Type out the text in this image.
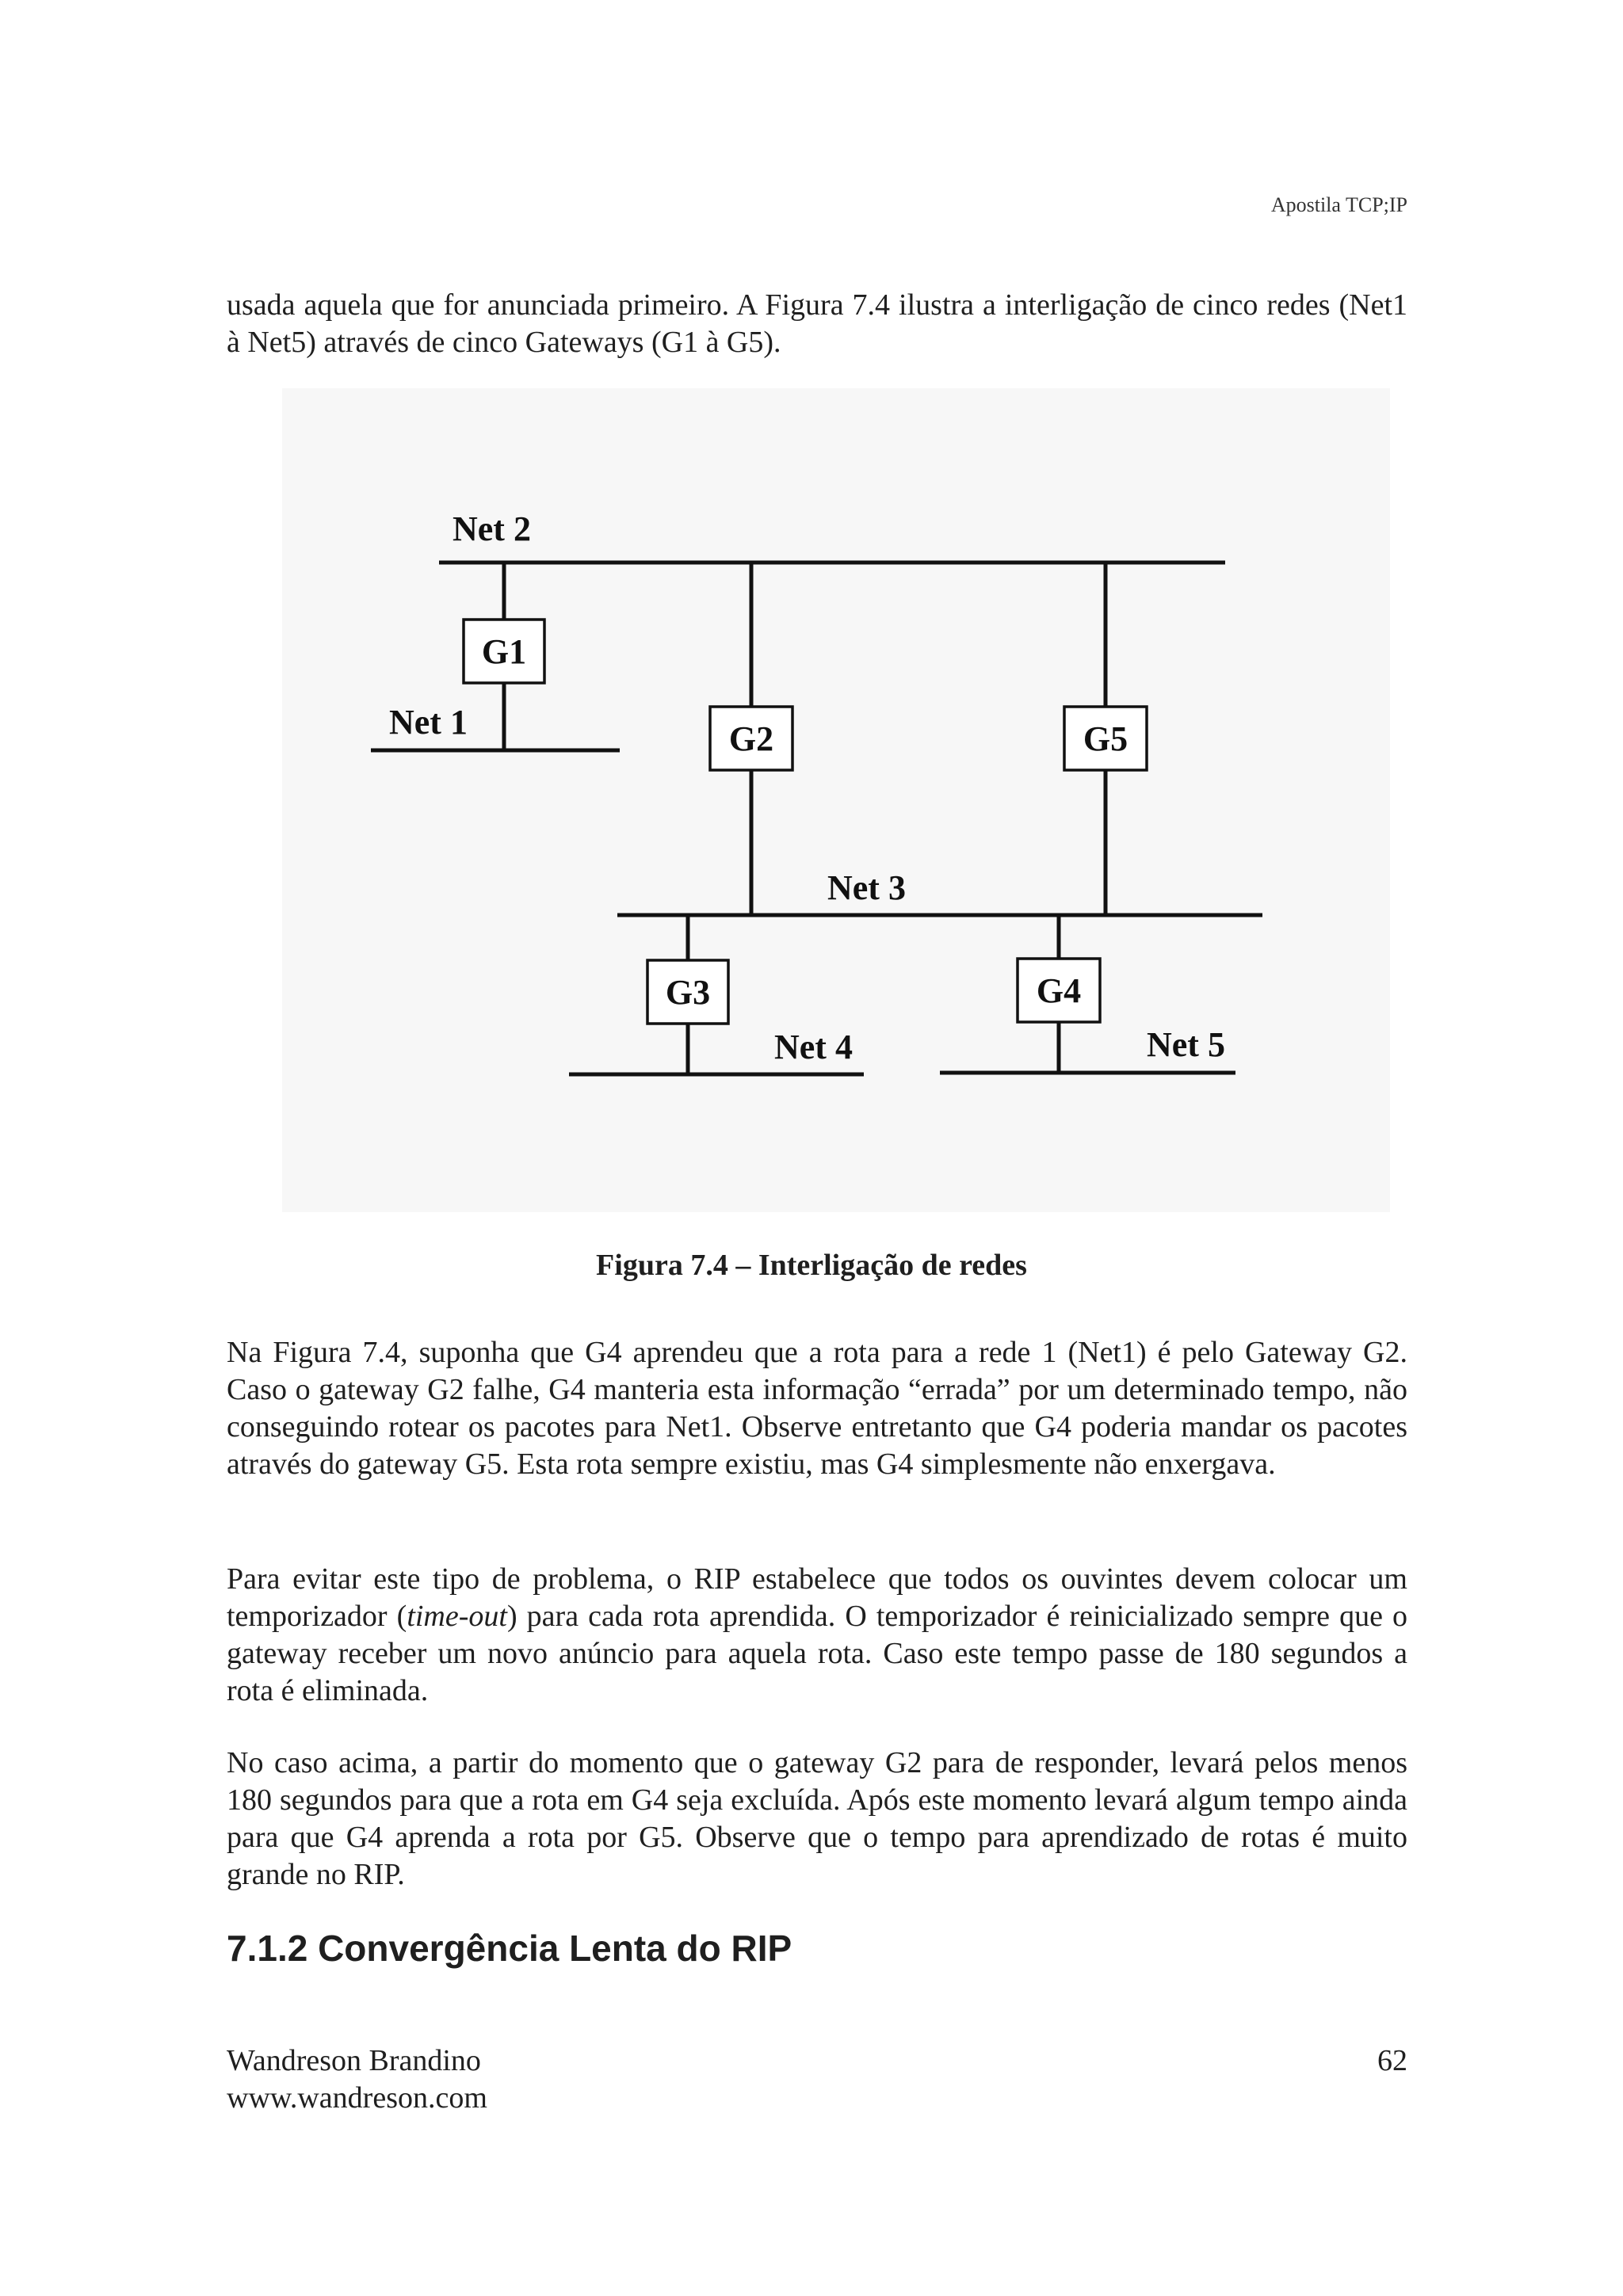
Apostila TCP;IP

usada aquela que for anunciada primeiro. A Figura 7.4 ilustra a interligação de cinco redes (Net1 à Net5) através de cinco Gateways (G1 à G5).

Net 2
Net 1
Net 3
Net 4	Net 5
G1
G2	G5
G3	G4
Figura 7.4 – Interligação de redes

Na Figura 7.4, suponha que G4 aprendeu que a rota para a rede 1 (Net1) é pelo Gateway G2. Caso o gateway G2 falhe, G4 manteria esta informação “errada” por um determinado tempo, não conseguindo rotear os pacotes para Net1. Observe entretanto que G4 poderia mandar os pacotes através do gateway G5. Esta rota sempre existiu, mas G4 simplesmente não enxergava.

Para evitar este tipo de problema, o RIP estabelece que todos os ouvintes devem colocar um temporizador (time-out) para cada rota aprendida. O temporizador é reinicializado sempre que o gateway receber um novo anúncio para aquela rota. Caso este tempo passe de 180 segundos a rota é eliminada.

No caso acima, a partir do momento que o gateway G2 para de responder, levará pelos menos 180 segundos para que a rota em G4 seja excluída. Após este momento levará algum tempo ainda para que G4 aprenda a rota por G5. Observe que o tempo para aprendizado de rotas é muito grande no RIP.

7.1.2 Convergência Lenta do RIP
Wandreson Brandino
www.wandreson.com
62
